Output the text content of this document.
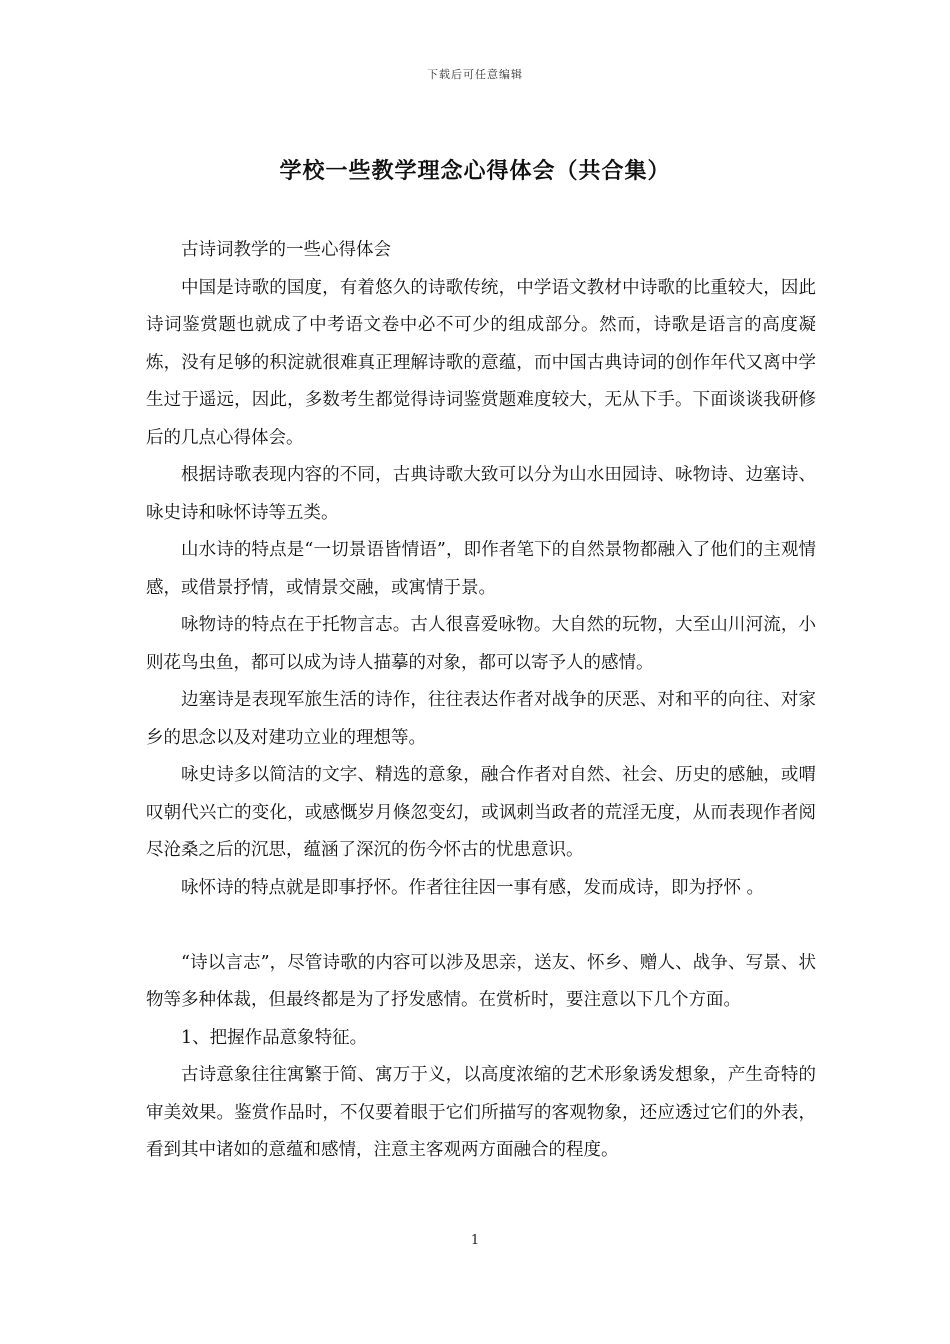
下载后可任意编辑
学校一些教学理念心得体会（共合集）

古诗词教学的一些心得体会

中国是诗歌的国度，有着悠久的诗歌传统，中学语文教材中诗歌的比重较大，因此诗词鉴赏题也就成了中考语文卷中必不可少的组成部分。然而，诗歌是语言的高度凝炼，没有足够的积淀就很难真正理解诗歌的意蕴，而中国古典诗词的创作年代又离中学生过于遥远，因此，多数考生都觉得诗词鉴赏题难度较大，无从下手。下面谈谈我研修后的几点心得体会。

根据诗歌表现内容的不同，古典诗歌大致可以分为山水田园诗、咏物诗、边塞诗、咏史诗和咏怀诗等五类。

山水诗的特点是“一切景语皆情语”，即作者笔下的自然景物都融入了他们的主观情感，或借景抒情，或情景交融，或寓情于景。

咏物诗的特点在于托物言志。古人很喜爱咏物。大自然的玩物，大至山川河流，小则花鸟虫鱼，都可以成为诗人描摹的对象，都可以寄予人的感情。

边塞诗是表现军旅生活的诗作，往往表达作者对战争的厌恶、对和平的向往、对家乡的思念以及对建功立业的理想等。

咏史诗多以简洁的文字、精选的意象，融合作者对自然、社会、历史的感触，或喟叹朝代兴亡的变化，或感慨岁月倏忽变幻，或讽刺当政者的荒淫无度，从而表现作者阅尽沧桑之后的沉思，蕴涵了深沉的伤今怀古的忧患意识。

咏怀诗的特点就是即事抒怀。作者往往因一事有感，发而成诗，即为抒怀 。

“诗以言志”，尽管诗歌的内容可以涉及思亲，送友、怀乡、赠人、战争、写景、状物等多种体裁，但最终都是为了抒发感情。在赏析时，要注意以下几个方面。

1、把握作品意象特征。

古诗意象往往寓繁于简、寓万于义，以高度浓缩的艺术形象诱发想象，产生奇特的审美效果。鉴赏作品时，不仅要着眼于它们所描写的客观物象，还应透过它们的外表，看到其中诸如的意蕴和感情，注意主客观两方面融合的程度。

1
